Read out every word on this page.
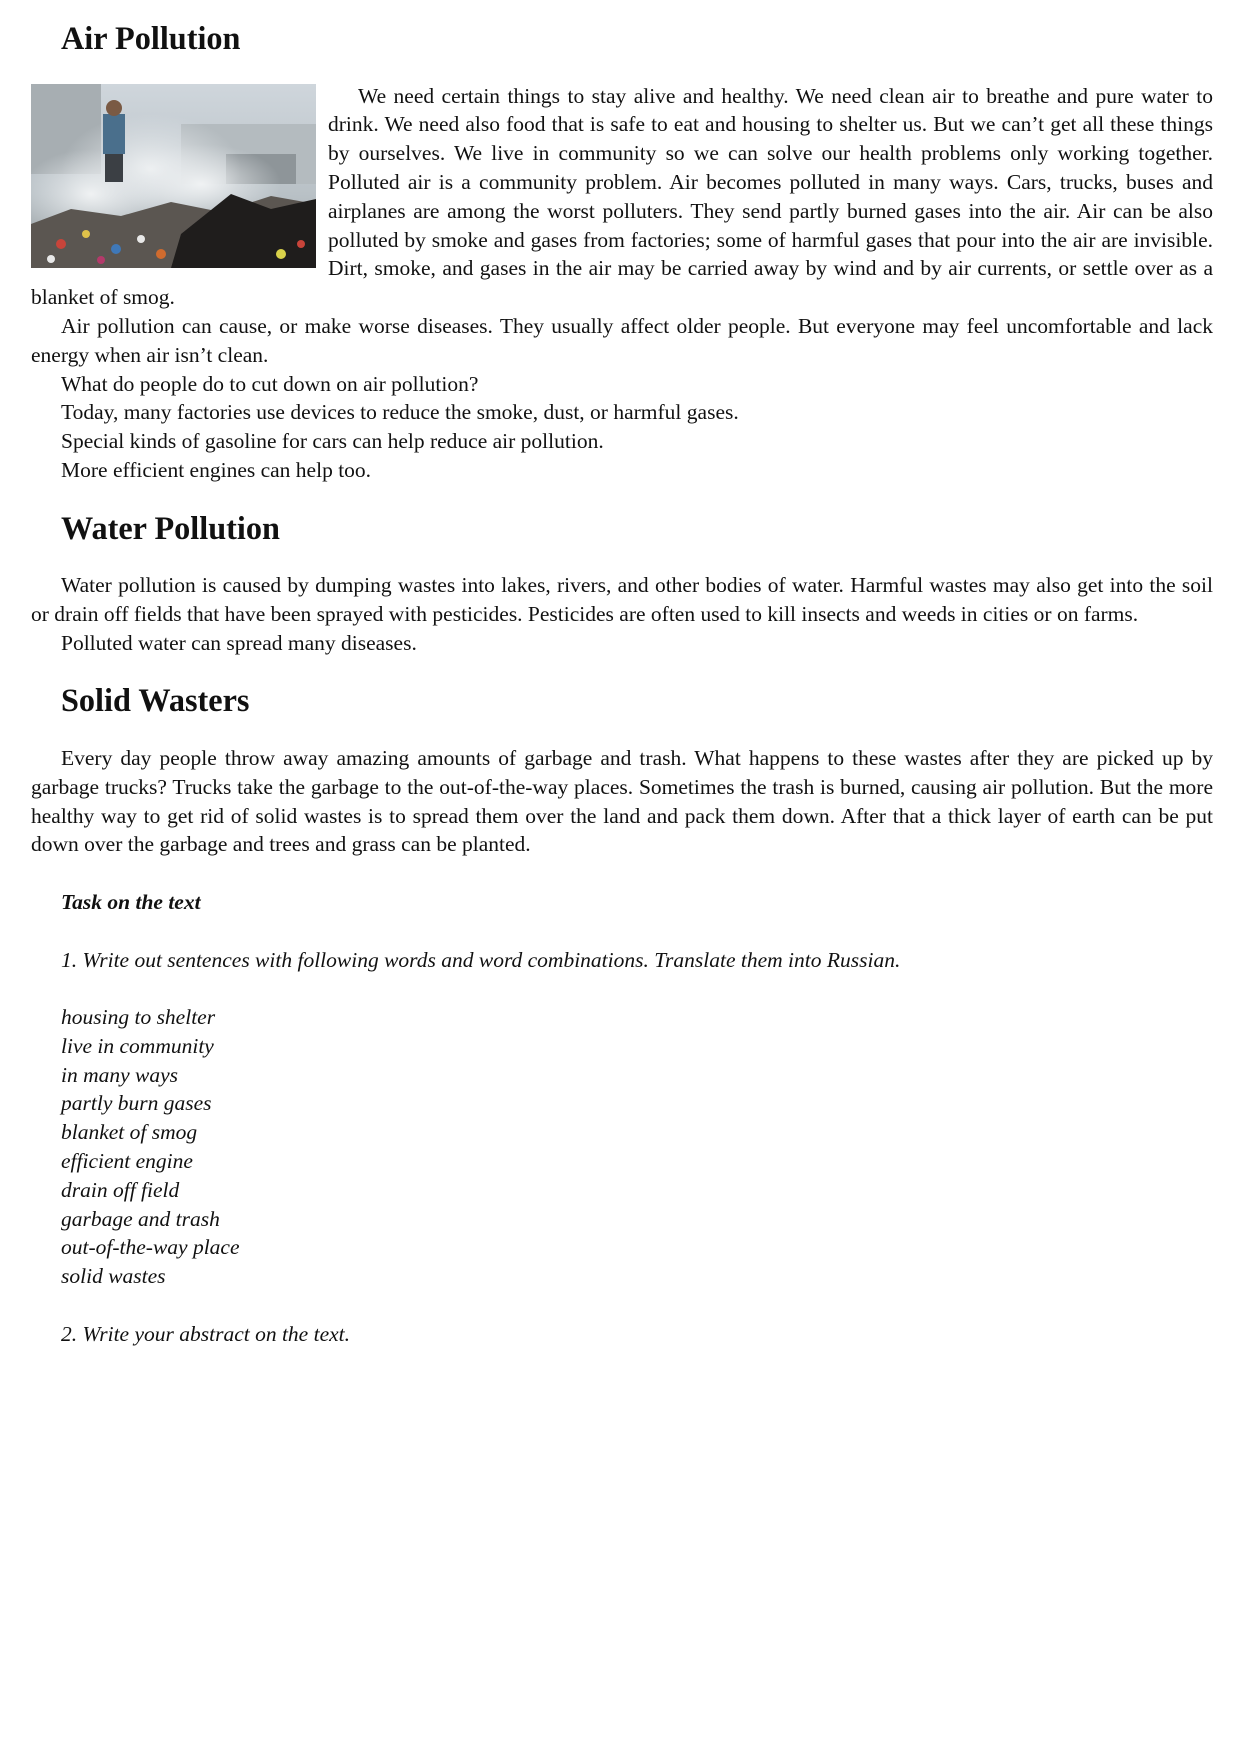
Air Pollution

We need certain things to stay alive and healthy. We need clean air to breathe and pure water to drink. We need also food that is safe to eat and housing to shelter us. But we can’t get all these things by ourselves. We live in community so we can solve our health problems only working together. Polluted air is a community problem. Air becomes polluted in many ways. Cars, trucks, buses and airplanes are among the worst polluters. They send partly burned gases into the air. Air can be also polluted by smoke and gases from factories; some of harmful gases that pour into the air are invisible. Dirt, smoke, and gases in the air may be carried away by wind and by air currents, or settle over as a blanket of smog.

Air pollution can cause, or make worse diseases. They usually affect older people. But everyone may feel uncomfortable and lack energy when air isn’t clean.

What do people do to cut down on air pollution?

Today, many factories use devices to reduce the smoke, dust, or harmful gases.

Special kinds of gasoline for cars can help reduce air pollution.

More efficient engines can help too.

Water Pollution

Water pollution is caused by dumping wastes into lakes, rivers, and other bodies of water. Harmful wastes may also get into the soil or drain off fields that have been sprayed with pesticides. Pesticides are often used to kill insects and weeds in cities or on farms.

Polluted water can spread many diseases.

Solid Wasters

Every day people throw away amazing amounts of garbage and trash. What happens to these wastes after they are picked up by garbage trucks? Trucks take the garbage to the out-of-the-way places. Sometimes the trash is burned, causing air pollution. But the more healthy way to get rid of solid wastes is to spread them over the land and pack them down. After that a thick layer of earth can be put down over the garbage and trees and grass can be planted.

Task on the text
1. Write out sentences with following words and word combinations. Translate them into Russian.
housing to shelter
live in community
in many ways
partly burn gases
blanket of smog
efficient engine
drain off field
garbage and trash
out-of-the-way place
solid wastes
2. Write your abstract on the text.
